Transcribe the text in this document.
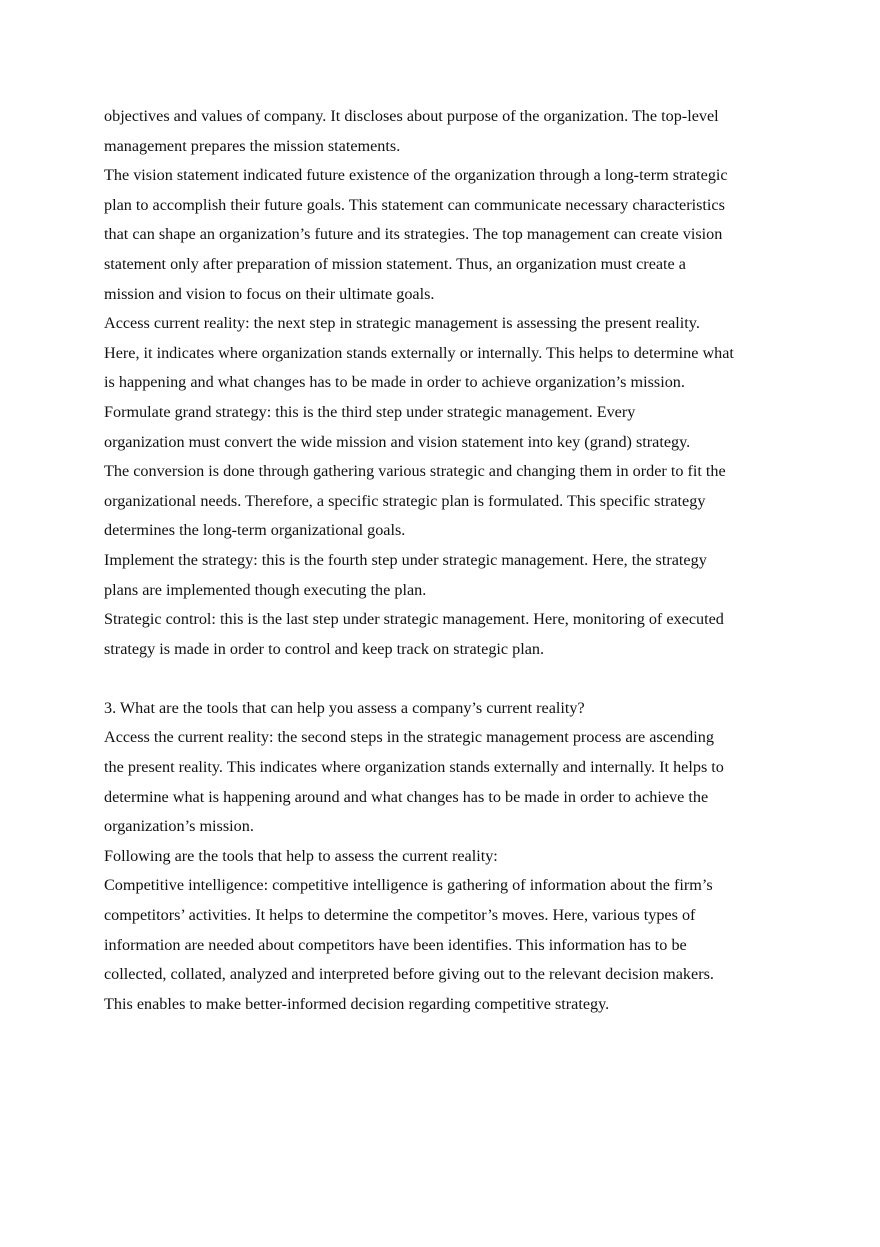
objectives and values of company. It discloses about purpose of the organization. The top-level
management prepares the mission statements.
The vision statement indicated future existence of the organization through a long-term strategic
plan to accomplish their future goals. This statement can communicate necessary characteristics
that can shape an organization’s future and its strategies. The top management can create vision
statement only after preparation of mission statement. Thus, an organization must create a
mission and vision to focus on their ultimate goals.
Access current reality: the next step in strategic management is assessing the present reality.
Here, it indicates where organization stands externally or internally. This helps to determine what
is happening and what changes has to be made in order to achieve organization’s mission.
Formulate grand strategy: this is the third step under strategic management. Every
organization must convert the wide mission and vision statement into key (grand) strategy.
The conversion is done through gathering various strategic and changing them in order to fit the
organizational needs. Therefore, a specific strategic plan is formulated. This specific strategy
determines the long-term organizational goals.
Implement the strategy: this is the fourth step under strategic management. Here, the strategy
plans are implemented though executing the plan.
Strategic control: this is the last step under strategic management. Here, monitoring of executed
strategy is made in order to control and keep track on strategic plan.
3. What are the tools that can help you assess a company’s current reality?
Access the current reality: the second steps in the strategic management process are ascending
the present reality. This indicates where organization stands externally and internally. It helps to
determine what is happening around and what changes has to be made in order to achieve the
organization’s mission.
Following are the tools that help to assess the current reality:
Competitive intelligence: competitive intelligence is gathering of information about the firm’s
competitors’ activities. It helps to determine the competitor’s moves. Here, various types of
information are needed about competitors have been identifies. This information has to be
collected, collated, analyzed and interpreted before giving out to the relevant decision makers.
This enables to make better-informed decision regarding competitive strategy.
